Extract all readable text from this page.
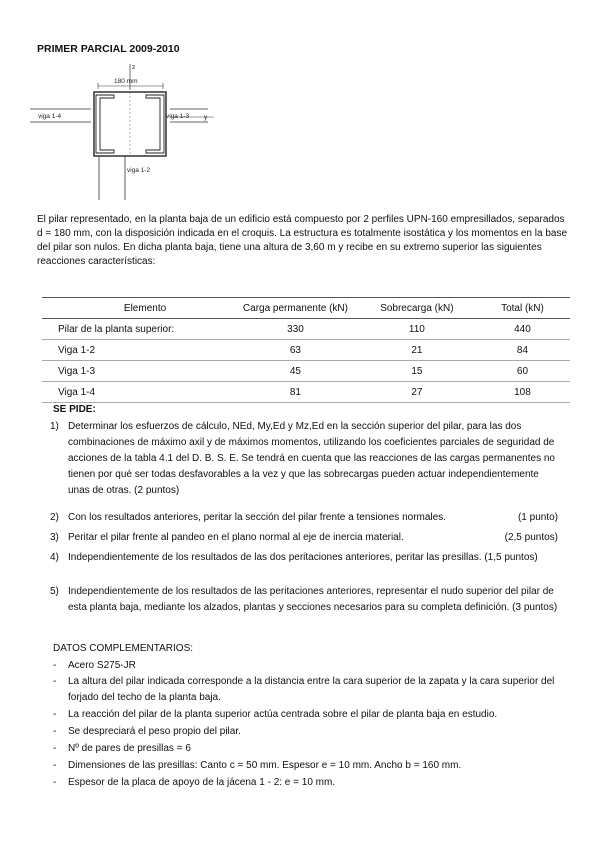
PRIMER PARCIAL 2009-2010
z
180 mm
viga 1-4	viga 1-3 y
viga 1-2
El pilar representado, en la planta baja de un edificio está compuesto por 2 perfiles UPN-160 empresillados, separados d = 180 mm, con la disposición indicada en el croquis. La estructura es totalmente isostática y los momentos en la base del pilar son nulos. En dicha planta baja, tiene una altura de 3,60 m y recibe en su extremo superior las siguientes reacciones características:
Elemento	Carga permanente (kN)	Sobrecarga (kN)	Total (kN)
Pilar de la planta superior:	330	110	440
Viga 1-2	63	21	84
Viga 1-3	45	15	60
Viga 1-4	81	27	108
SE PIDE:
1) Determinar los esfuerzos de cálculo, NEd, My,Ed y Mz,Ed en la sección superior del pilar, para las dos combinaciones de máximo axil y de máximos momentos, utilizando los coeficientes parciales de seguridad de acciones de la tabla 4.1 del D. B. S. E. Se tendrá en cuenta que las reacciones de las cargas permanentes no tienen por qué ser todas desfavorables a la vez y que las sobrecargas pueden actuar independientemente unas de otras. (2 puntos)
2) Con los resultados anteriores, peritar la sección del pilar frente a tensiones normales.	(1 punto)
3) Peritar el pilar frente al pandeo en el plano normal al eje de inercia material.	(2,5 puntos)
4) Independientemente de los resultados de las dos peritaciones anteriores, peritar las presillas. (1,5 puntos)
5) Independientemente de los resultados de las peritaciones anteriores, representar el nudo superior del pilar de esta planta baja, mediante los alzados, plantas y secciones necesarios para su completa definición. (3 puntos)
DATOS COMPLEMENTARIOS:
- Acero S275-JR
- La altura del pilar indicada corresponde a la distancia entre la cara superior de la zapata y la cara superior del forjado del techo de la planta baja.
- La reacción del pilar de la planta superior actúa centrada sobre el pilar de planta baja en estudio.
- Se despreciará el peso propio del pilar.
- Nº de pares de presillas = 6
- Dimensiones de las presillas: Canto c = 50 mm. Espesor e = 10 mm. Ancho b = 160 mm.
- Espesor de la placa de apoyo de la jácena 1 - 2: e = 10 mm.
